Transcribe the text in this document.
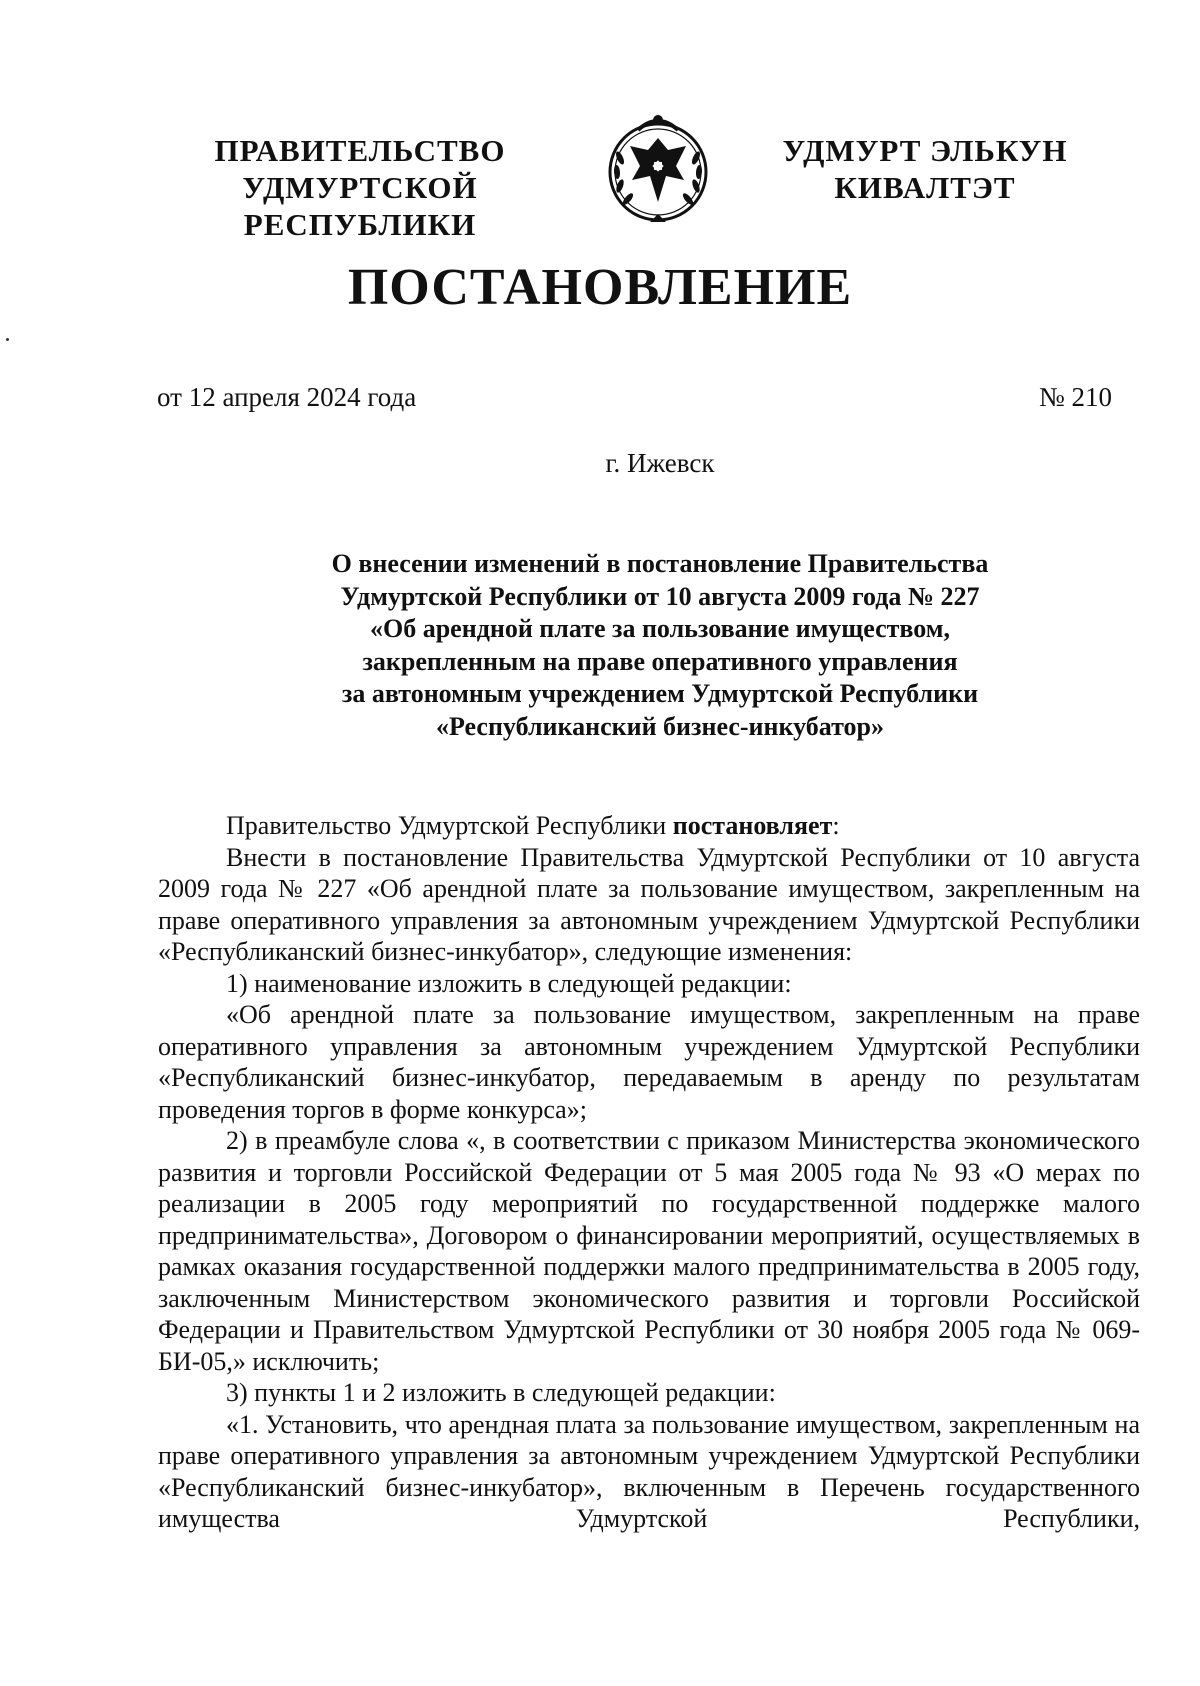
ПРАВИТЕЛЬСТВО
УДМУРТСКОЙ РЕСПУБЛИКИ
УДМУРТ ЭЛЬКУН
КИВАЛТЭТ
ПОСТАНОВЛЕНИЕ
от 12 апреля 2024 года	№ 210
г. Ижевск
О внесении изменений в постановление Правительства
Удмуртской Республики от 10 августа 2009 года № 227
«Об арендной плате за пользование имуществом,
закрепленным на праве оперативного управления
за автономным учреждением Удмуртской Республики
«Республиканский бизнес-инкубатор»

Правительство Удмуртской Республики постановляет:

Внести в постановление Правительства Удмуртской Республики от 10 августа 2009 года № 227 «Об арендной плате за пользование имуществом, закрепленным на праве оперативного управления за автономным учреждением Удмуртской Республики «Республиканский бизнес-инкубатор», следующие изменения:

1) наименование изложить в следующей редакции:

«Об арендной плате за пользование имуществом, закрепленным на праве оперативного управления за автономным учреждением Удмуртской Республики «Республиканский бизнес-инкубатор, передаваемым в аренду по результатам проведения торгов в форме конкурса»;

2) в преамбуле слова «, в соответствии с приказом Министерства экономического развития и торговли Российской Федерации от 5 мая 2005 года № 93 «О мерах по реализации в 2005 году мероприятий по государственной поддержке малого предпринимательства», Договором о финансировании мероприятий, осуществляемых в рамках оказания государственной поддержки малого предпринимательства в 2005 году, заключенным Министерством экономического развития и торговли Российской Федерации и Правительством Удмуртской Республики от 30 ноября 2005 года № 069-БИ-05,» исключить;

3) пункты 1 и 2 изложить в следующей редакции:

«1. Установить, что арендная плата за пользование имуществом, закрепленным на праве оперативного управления за автономным учреждением Удмуртской Республики «Республиканский бизнес-инкубатор», включенным в Перечень государственного имущества Удмуртской Республики,
